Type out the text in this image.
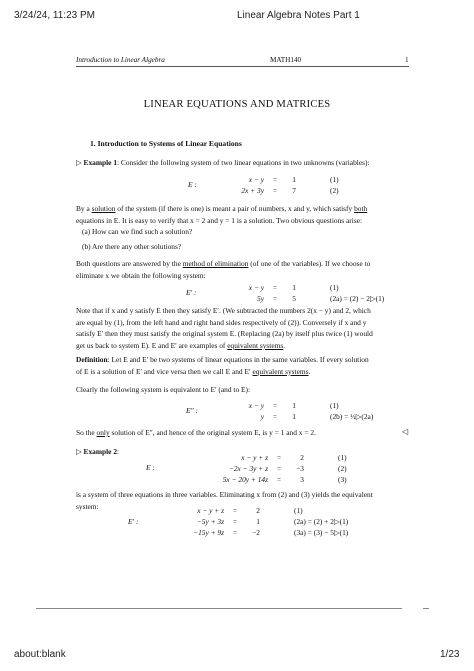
3/24/24, 11:23 PM	Linear Algebra Notes Part 1
about:blank	1/23
Introduction to Linear Algebra	MATH140	1
LINEAR EQUATIONS AND MATRICES
1. Introduction to Systems of Linear Equations
▷ Example 1: Consider the following system of two linear equations in two unknowns (variables):
E :
x − y	=	1	(1)
2x + 3y	=	7	(2)
By a solution of the system (if there is one) is meant a pair of numbers, x and y, which satisfy both
equations in E. It is easy to verify that x = 2 and y = 1 is a solution. Two obvious questions arise:
(a) How can we find such a solution?
(b) Are there any other solutions?
Both questions are answered by the method of elimination (of one of the variables). If we choose to
eliminate x we obtain the following system:
E′ :
x − y	=	1	(1)
5y	=	5	(2a) = (2) − 2▷(1)
Note that if x and y satisfy E then they satisfy E′. (We subtracted the numbers 2(x − y) and 2, which
are equal by (1), from the left hand and right hand sides respectively of (2)). Conversely if x and y
satisfy E′ then they must satisfy the original system E. (Replacing (2a) by itself plus twice (1) would
get us back to system E). E and E′ are examples of equivalent systems.
Definition: Let E and E′ be two systems of linear equations in the same variables. If every solution
of E is a solution of E′ and vice versa then we call E and E′ equivalent systems.
Clearly the following system is equivalent to E′ (and to E):
E″ :
x − y	=	1	(1)
y	=	1	(2b) = ½▷(2a)
So the only solution of E″, and hence of the original system E, is y = 1 and x = 2.	◁
▷ Example 2:
E :
x − y + z	=	2	(1)
−2x − 3y + z	=	−3	(2)
5x − 20y + 14z	=	3	(3)
is a system of three equations in three variables. Eliminating x from (2) and (3) yields the equivalent
system:
E′ :
x − y + z	=	2	(1)
−5y + 3z	=	1	(2a) = (2) + 2▷(1)
−15y + 9z	=	−2	(3a) = (3) − 5▷(1)
